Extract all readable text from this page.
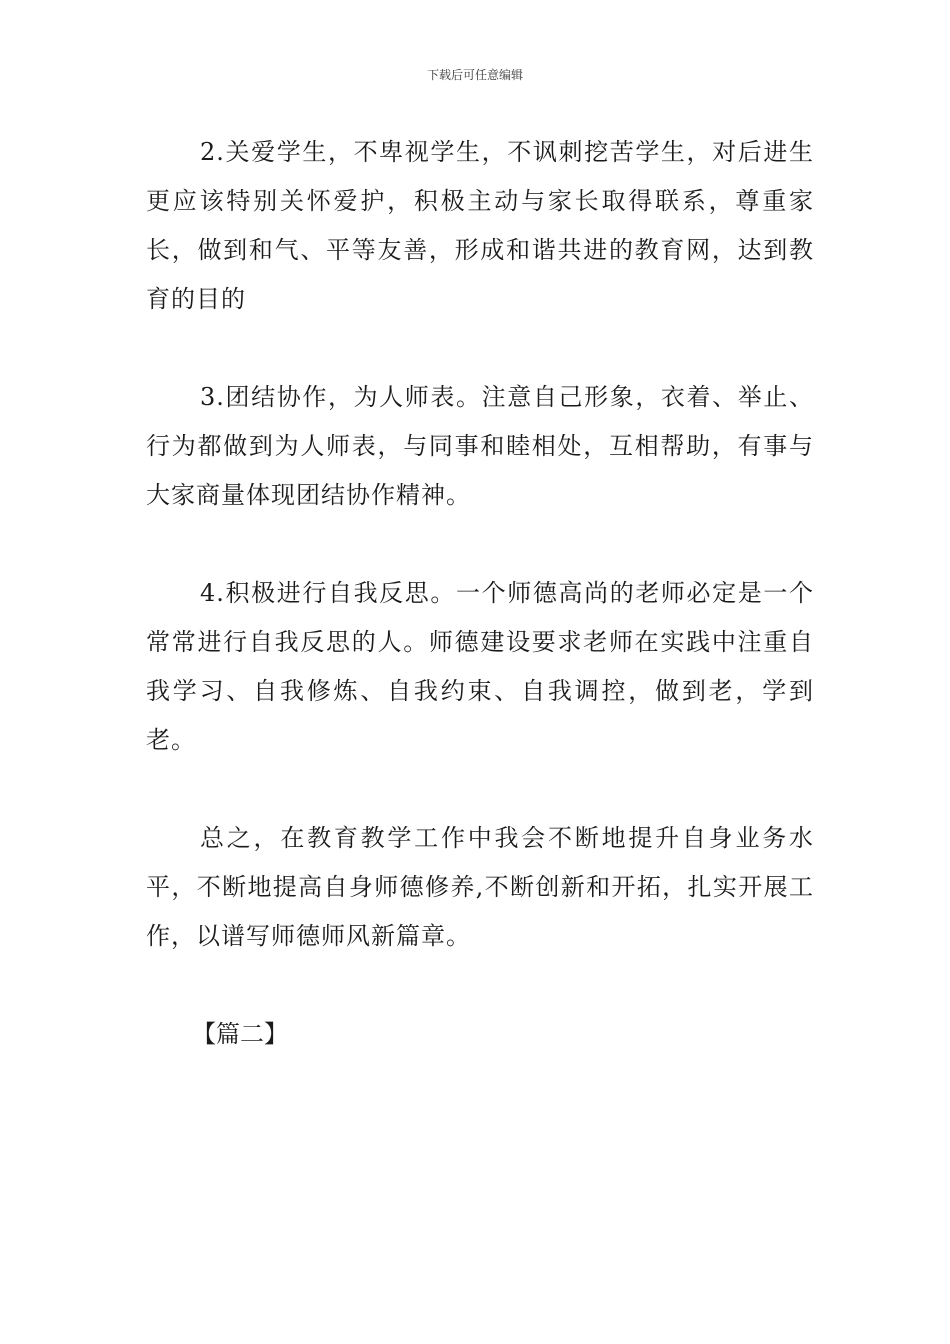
下载后可任意编辑

2.关爱学生，不卑视学生，不讽刺挖苦学生，对后进生更应该特别关怀爱护，积极主动与家长取得联系，尊重家长，做到和气、平等友善，形成和谐共进的教育网，达到教育的目的

3.团结协作，为人师表。注意自己形象，衣着、举止、行为都做到为人师表，与同事和睦相处，互相帮助，有事与大家商量体现团结协作精神。

4.积极进行自我反思。一个师德高尚的老师必定是一个常常进行自我反思的人。师德建设要求老师在实践中注重自我学习、自我修炼、自我约束、自我调控，做到老，学到老。

总之，在教育教学工作中我会不断地提升自身业务水平，不断地提高自身师德修养,不断创新和开拓，扎实开展工作，以谱写师德师风新篇章。

【篇二】
